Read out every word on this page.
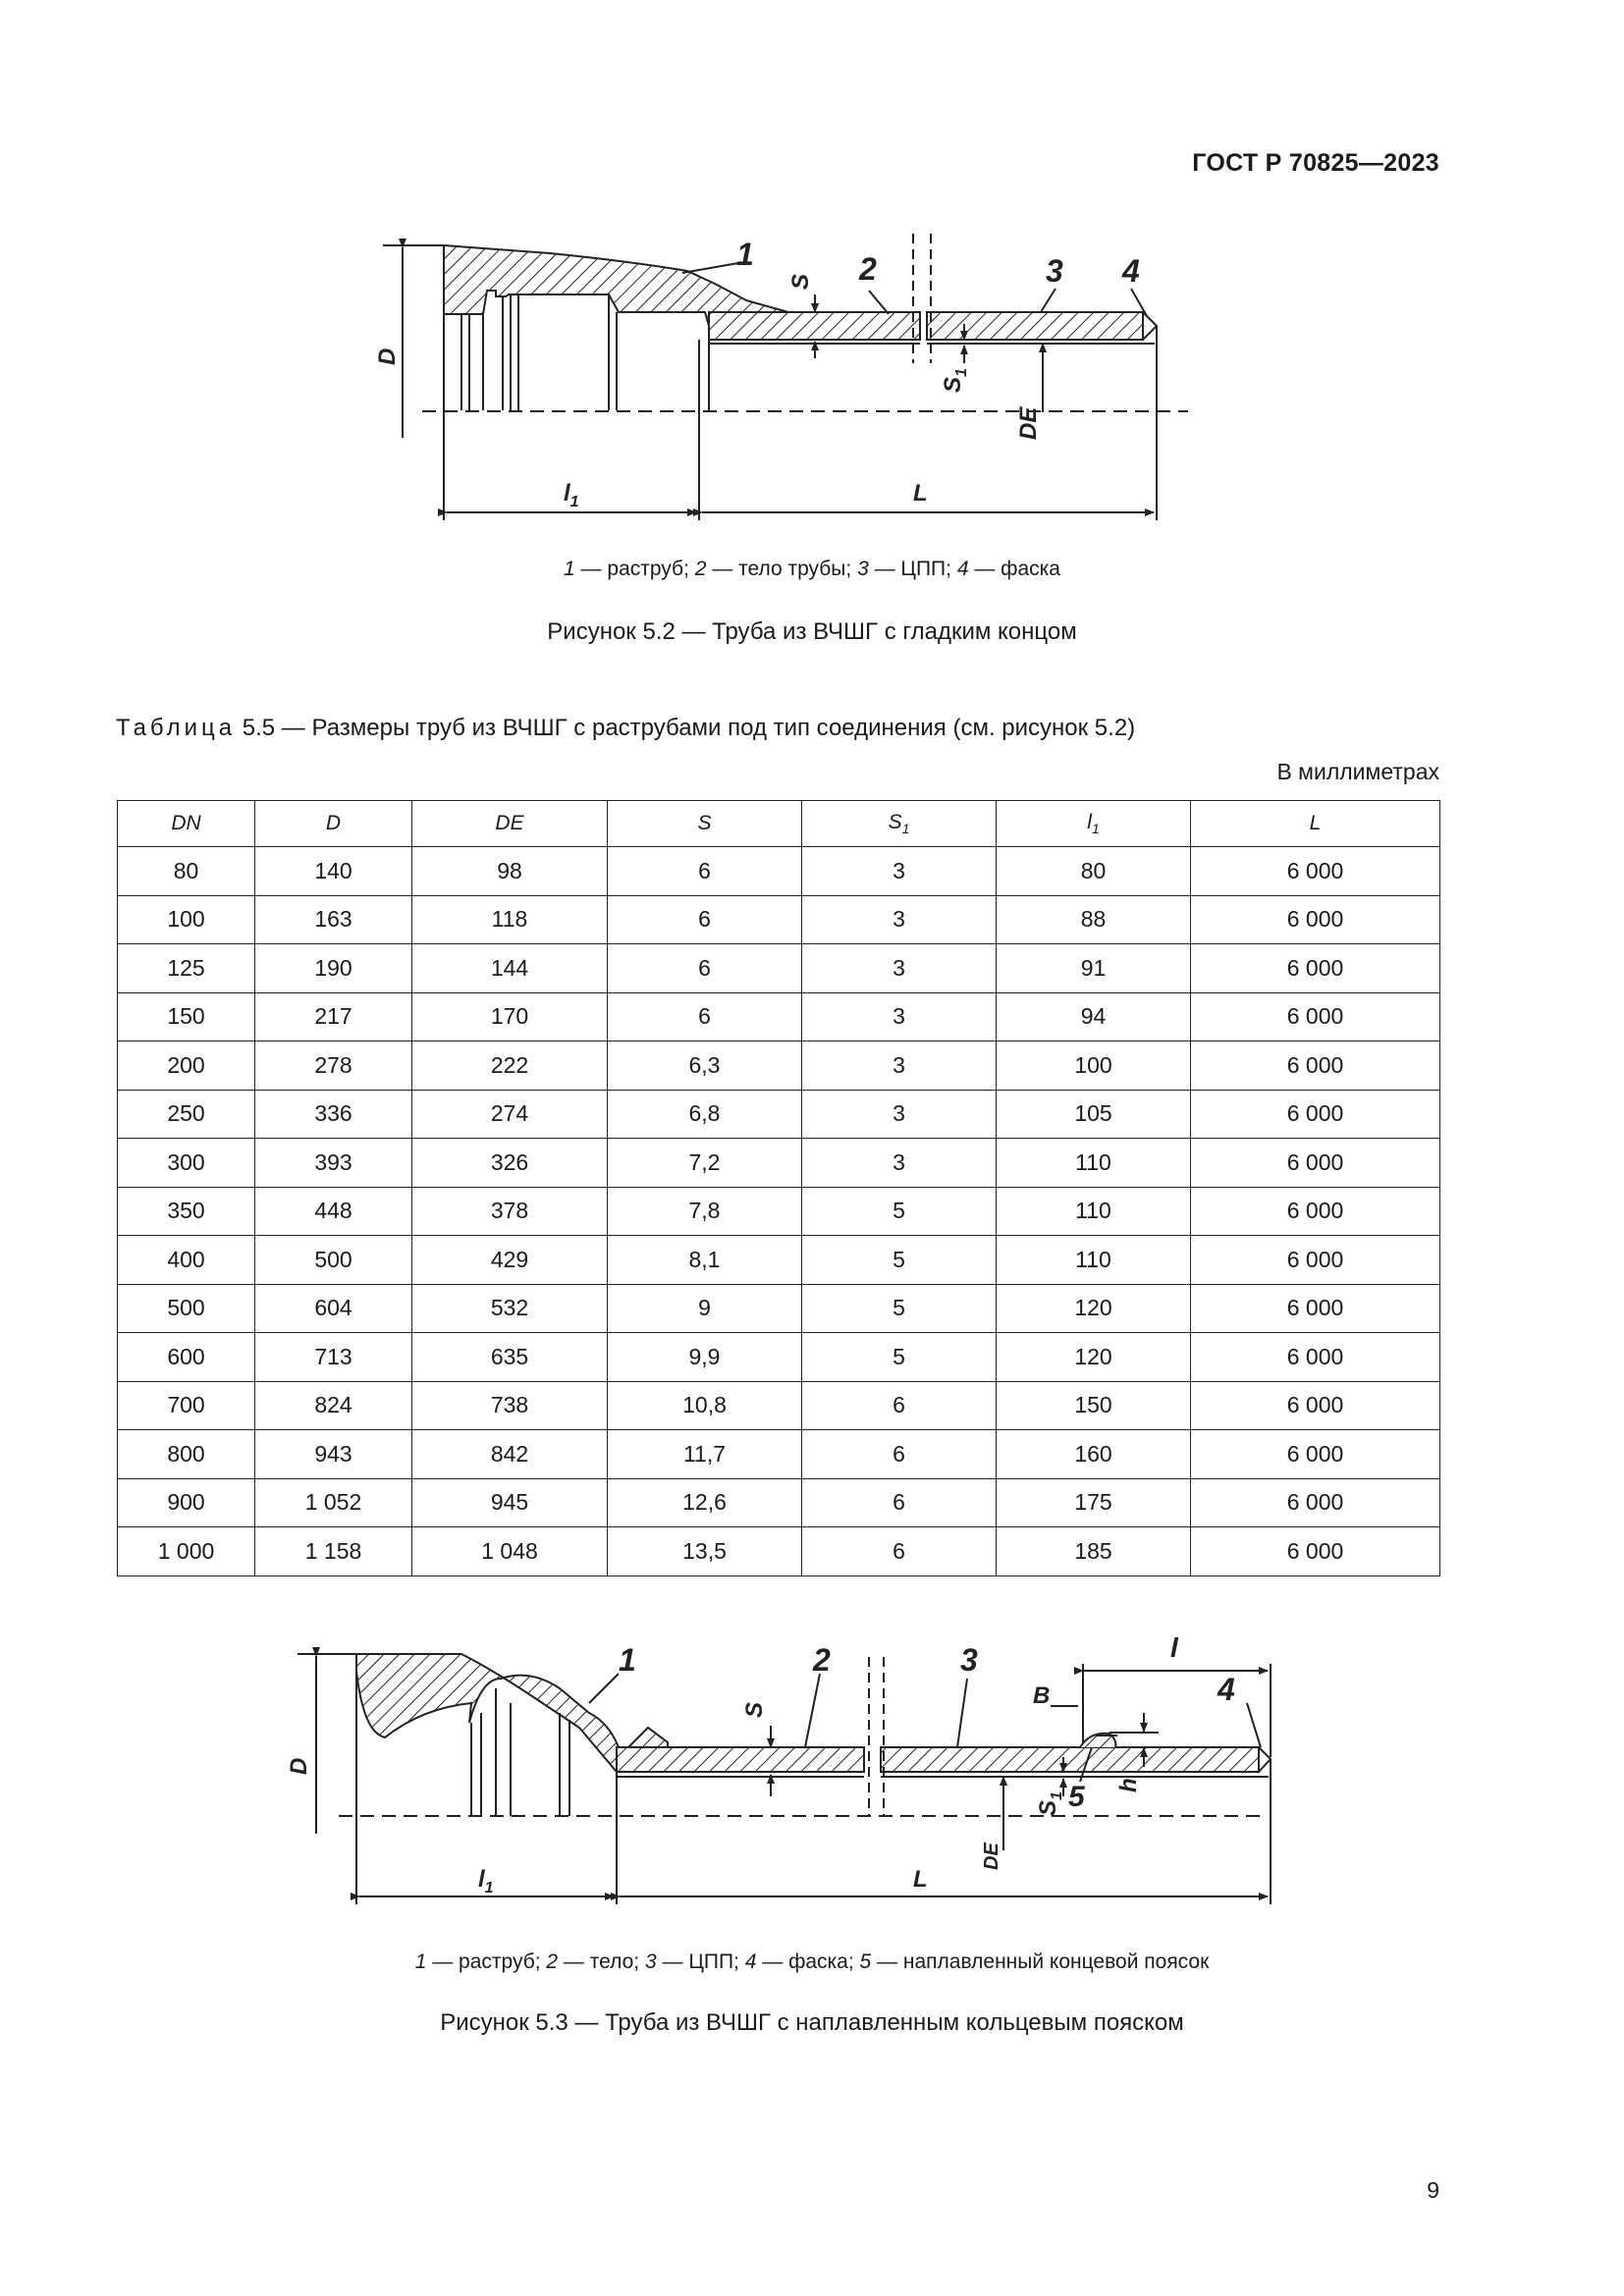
ГОСТ Р 70825—2023
1	2	3 4
D
S
$S_1$
DE
$l_1$	L
1 — раструб; 2 — тело трубы; 3 — ЦПП; 4 — фаска
Рисунок 5.2 — Труба из ВЧШГ с гладким концом
Таблица 5.5 — Размеры труб из ВЧШГ с раструбами под тип соединения (см. рисунок 5.2)
В миллиметрах
DN	D	DE	S	$S_1$	$l_1$	L
80	140	98	6	3	80	6 000
100	163	118	6	3	88	6 000
125	190	144	6	3	91	6 000
150	217	170	6	3	94	6 000
200	278	222	6,3	3	100	6 000
250	336	274	6,8	3	105	6 000
300	393	326	7,2	3	110	6 000
350	448	378	7,8	5	110	6 000
400	500	429	8,1	5	110	6 000
500	604	532	9	5	120	6 000
600	713	635	9,9	5	120	6 000
700	824	738	10,8	6	150	6 000
800	943	842	11,7	6	160	6 000
900	1 052	945	12,6	6	175	6 000
1 000	1 158	1 048	13,5	6	185	6 000
1	2	3
4
5
D
S
$S_1$
DE
h
B
l
$l_1$	L
1 — раструб; 2 — тело; 3 — ЦПП; 4 — фаска; 5 — наплавленный концевой поясок
Рисунок 5.3 — Труба из ВЧШГ с наплавленным кольцевым пояском
9
